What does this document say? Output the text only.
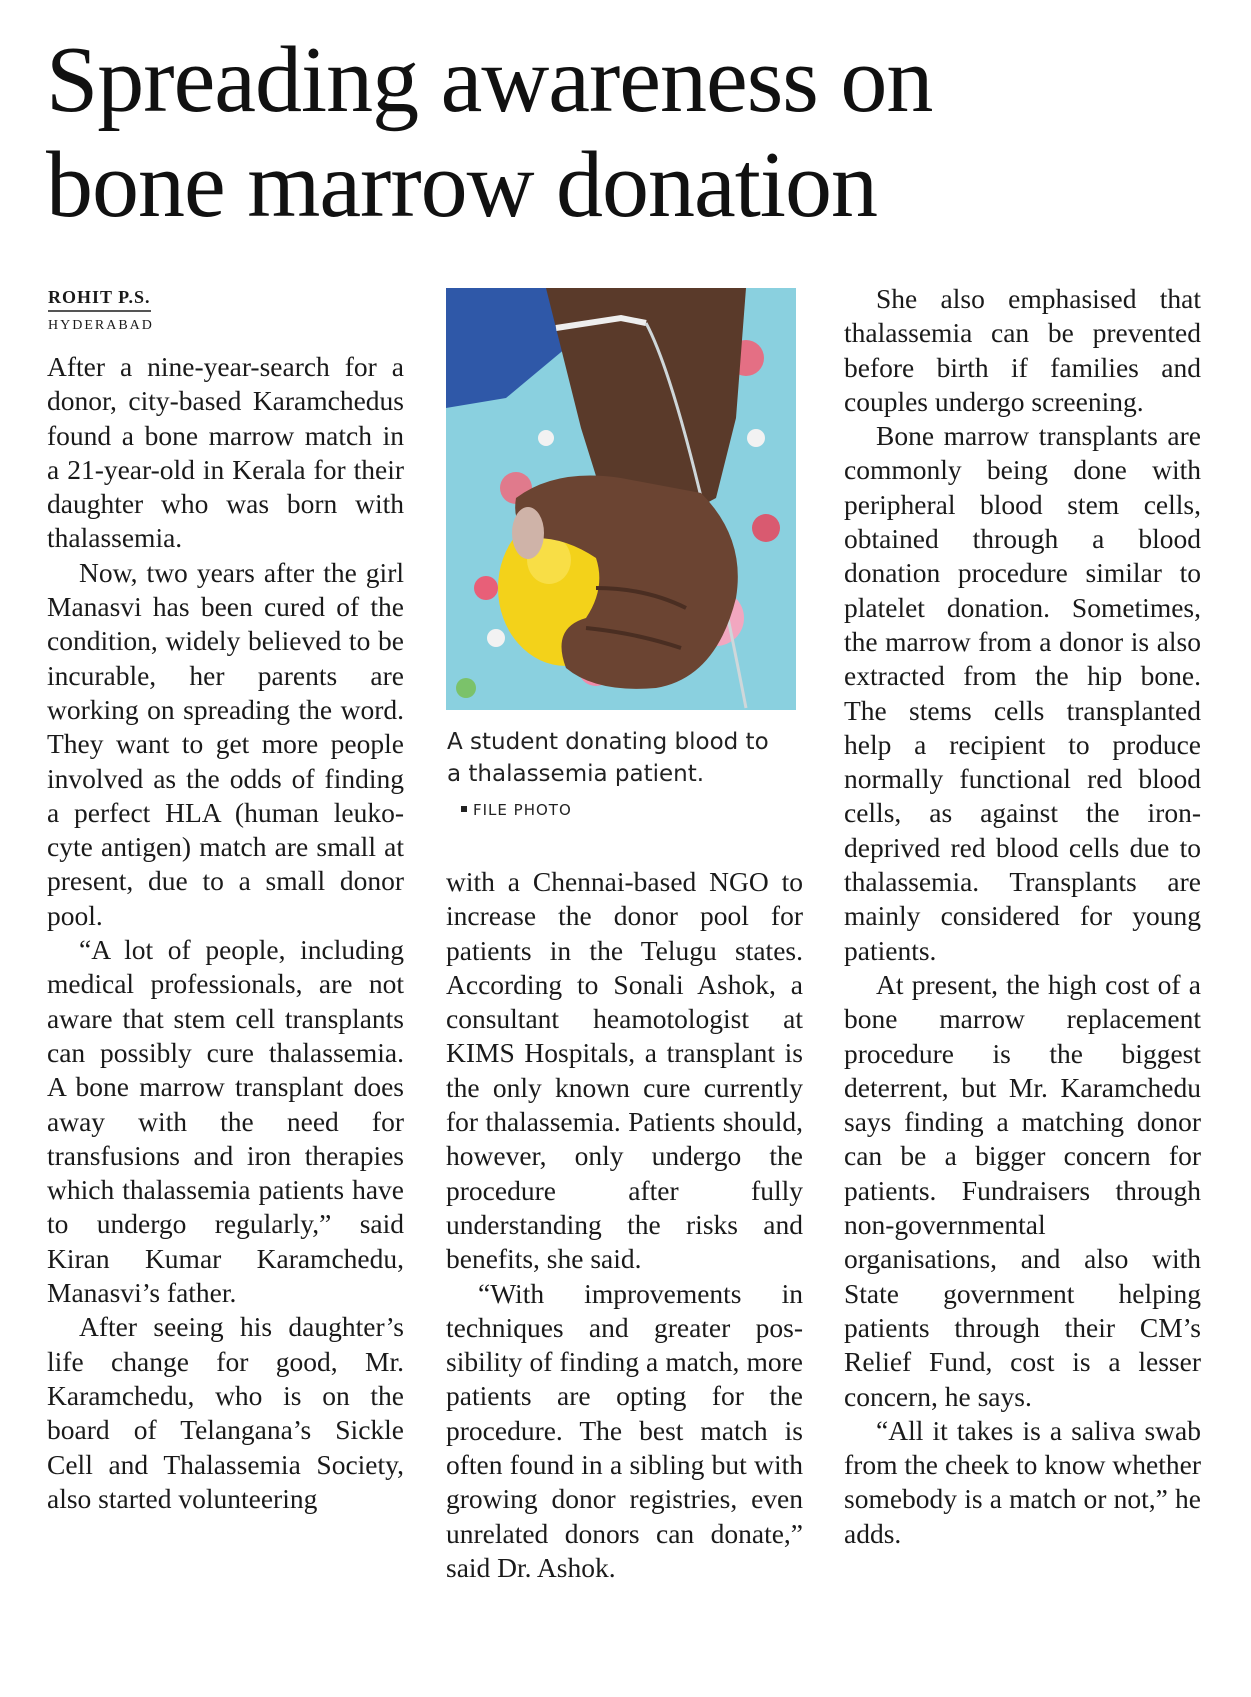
Spreading awareness on
bone marrow donation
ROHIT P.S.
HYDERABAD

After a nine-year-search for a donor, city-based Karamchedus found a bone marrow match in a 21-year-old in Kerala for their daughter who was born with thalassemia.

Now, two years after the girl Manasvi has been cured of the condition, widely believed to be incurable, her parents are working on spreading the word. They want to get more people involved as the odds of finding a perfect HLA (human leukocyte antigen) match are small at present, due to a small donor pool.

“A lot of people, including medical professionals, are not aware that stem cell transplants can possibly cure thalassemia. A bone marrow transplant does away with the need for transfusions and iron therapies which thalassemia patients have to undergo regularly,” said Kiran Kumar Karamchedu, Manasvi’s father.

After seeing his daughter’s life change for good, Mr. Karamchedu, who is on the board of Telangana’s Sickle Cell and Thalassemia Society, also started volunteering

A student donating blood to
a thalassemia patient.
FILE PHOTO

with a Chennai-based NGO to increase the donor pool for patients in the Telugu states. According to Sonali Ashok, a consultant heamotologist at KIMS Hospitals, a transplant is the only known cure currently for thalassemia. Patients should, however, only undergo the procedure after fully understanding the risks and benefits, she said.

“With improvements in techniques and greater possibility of finding a match, more patients are opting for the procedure. The best match is often found in a sibling but with growing donor registries, even unrelated donors can donate,” said Dr. Ashok.

She also emphasised that thalassemia can be prevented before birth if families and couples undergo screening.

Bone marrow transplants are commonly being done with peripheral blood stem cells, obtained through a blood donation procedure similar to platelet donation. Sometimes, the marrow from a donor is also extracted from the hip bone. The stems cells transplanted help a recipient to produce normally functional red blood cells, as against the iron-deprived red blood cells due to thalassemia. Transplants are mainly considered for young patients.

At present, the high cost of a bone marrow replacement procedure is the biggest deterrent, but Mr. Karamchedu says finding a matching donor can be a bigger concern for patients. Fundraisers through non-governmental organisations, and also with State government helping patients through their CM’s Relief Fund, cost is a lesser concern, he says.

“All it takes is a saliva swab from the cheek to know whether somebody is a match or not,” he adds.
